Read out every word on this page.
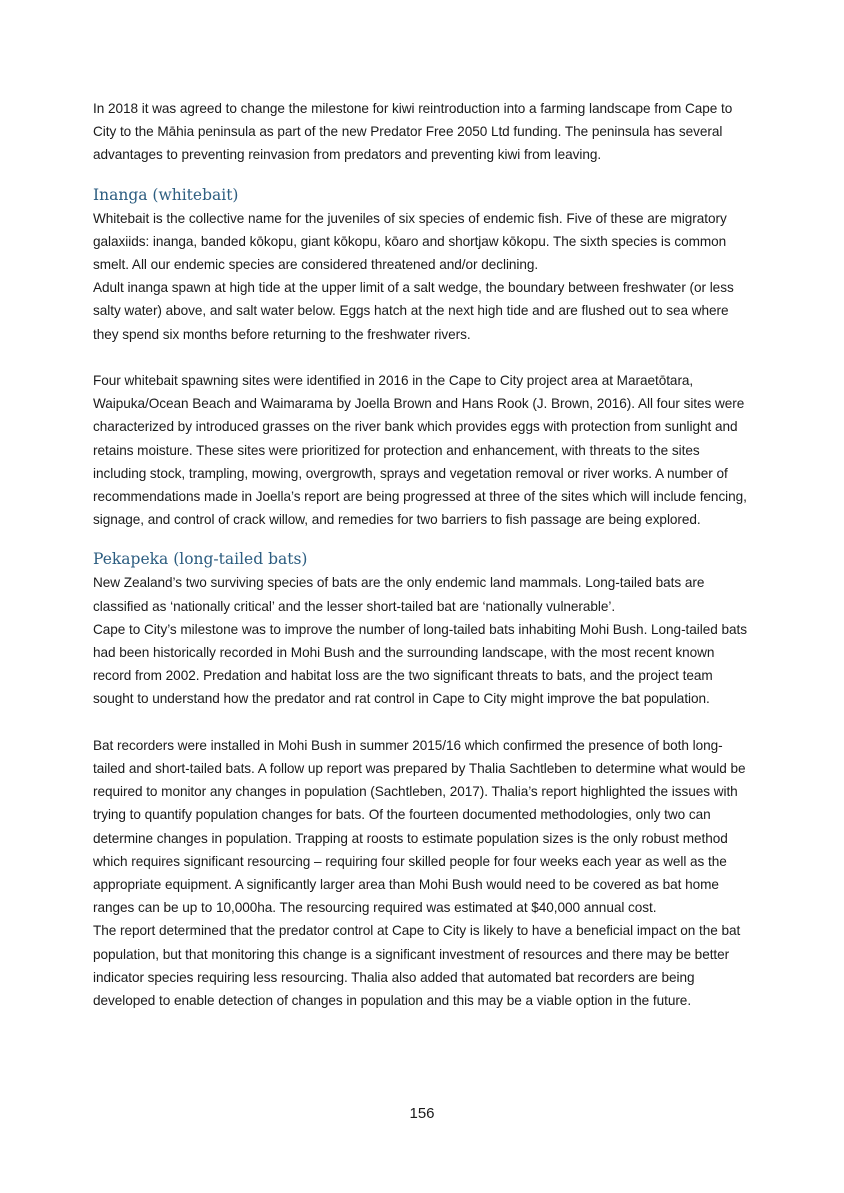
In 2018 it was agreed to change the milestone for kiwi reintroduction into a farming landscape from Cape to City to the Māhia peninsula as part of the new Predator Free 2050 Ltd funding. The peninsula has several advantages to preventing reinvasion from predators and preventing kiwi from leaving.

Inanga (whitebait)

Whitebait is the collective name for the juveniles of six species of endemic fish. Five of these are migratory galaxiids: inanga, banded kōkopu, giant kōkopu, kōaro and shortjaw kōkopu. The sixth species is common smelt. All our endemic species are considered threatened and/or declining.

Adult inanga spawn at high tide at the upper limit of a salt wedge, the boundary between freshwater (or less salty water) above, and salt water below. Eggs hatch at the next high tide and are flushed out to sea where they spend six months before returning to the freshwater rivers.

Four whitebait spawning sites were identified in 2016 in the Cape to City project area at Maraetōtara, Waipuka/Ocean Beach and Waimarama by Joella Brown and Hans Rook (J. Brown, 2016). All four sites were characterized by introduced grasses on the river bank which provides eggs with protection from sunlight and retains moisture. These sites were prioritized for protection and enhancement, with threats to the sites including stock, trampling, mowing, overgrowth, sprays and vegetation removal or river works. A number of recommendations made in Joella’s report are being progressed at three of the sites which will include fencing, signage, and control of crack willow, and remedies for two barriers to fish passage are being explored.

Pekapeka (long-tailed bats)

New Zealand’s two surviving species of bats are the only endemic land mammals. Long-tailed bats are classified as ‘nationally critical’ and the lesser short-tailed bat are ‘nationally vulnerable’.

Cape to City’s milestone was to improve the number of long-tailed bats inhabiting Mohi Bush. Long-tailed bats had been historically recorded in Mohi Bush and the surrounding landscape, with the most recent known record from 2002. Predation and habitat loss are the two significant threats to bats, and the project team sought to understand how the predator and rat control in Cape to City might improve the bat population.

Bat recorders were installed in Mohi Bush in summer 2015/16 which confirmed the presence of both long-tailed and short-tailed bats. A follow up report was prepared by Thalia Sachtleben to determine what would be required to monitor any changes in population (Sachtleben, 2017). Thalia’s report highlighted the issues with trying to quantify population changes for bats. Of the fourteen documented methodologies, only two can determine changes in population. Trapping at roosts to estimate population sizes is the only robust method which requires significant resourcing – requiring four skilled people for four weeks each year as well as the appropriate equipment. A significantly larger area than Mohi Bush would need to be covered as bat home ranges can be up to 10,000ha. The resourcing required was estimated at $40,000 annual cost.

The report determined that the predator control at Cape to City is likely to have a beneficial impact on the bat population, but that monitoring this change is a significant investment of resources and there may be better indicator species requiring less resourcing. Thalia also added that automated bat recorders are being developed to enable detection of changes in population and this may be a viable option in the future.

156
